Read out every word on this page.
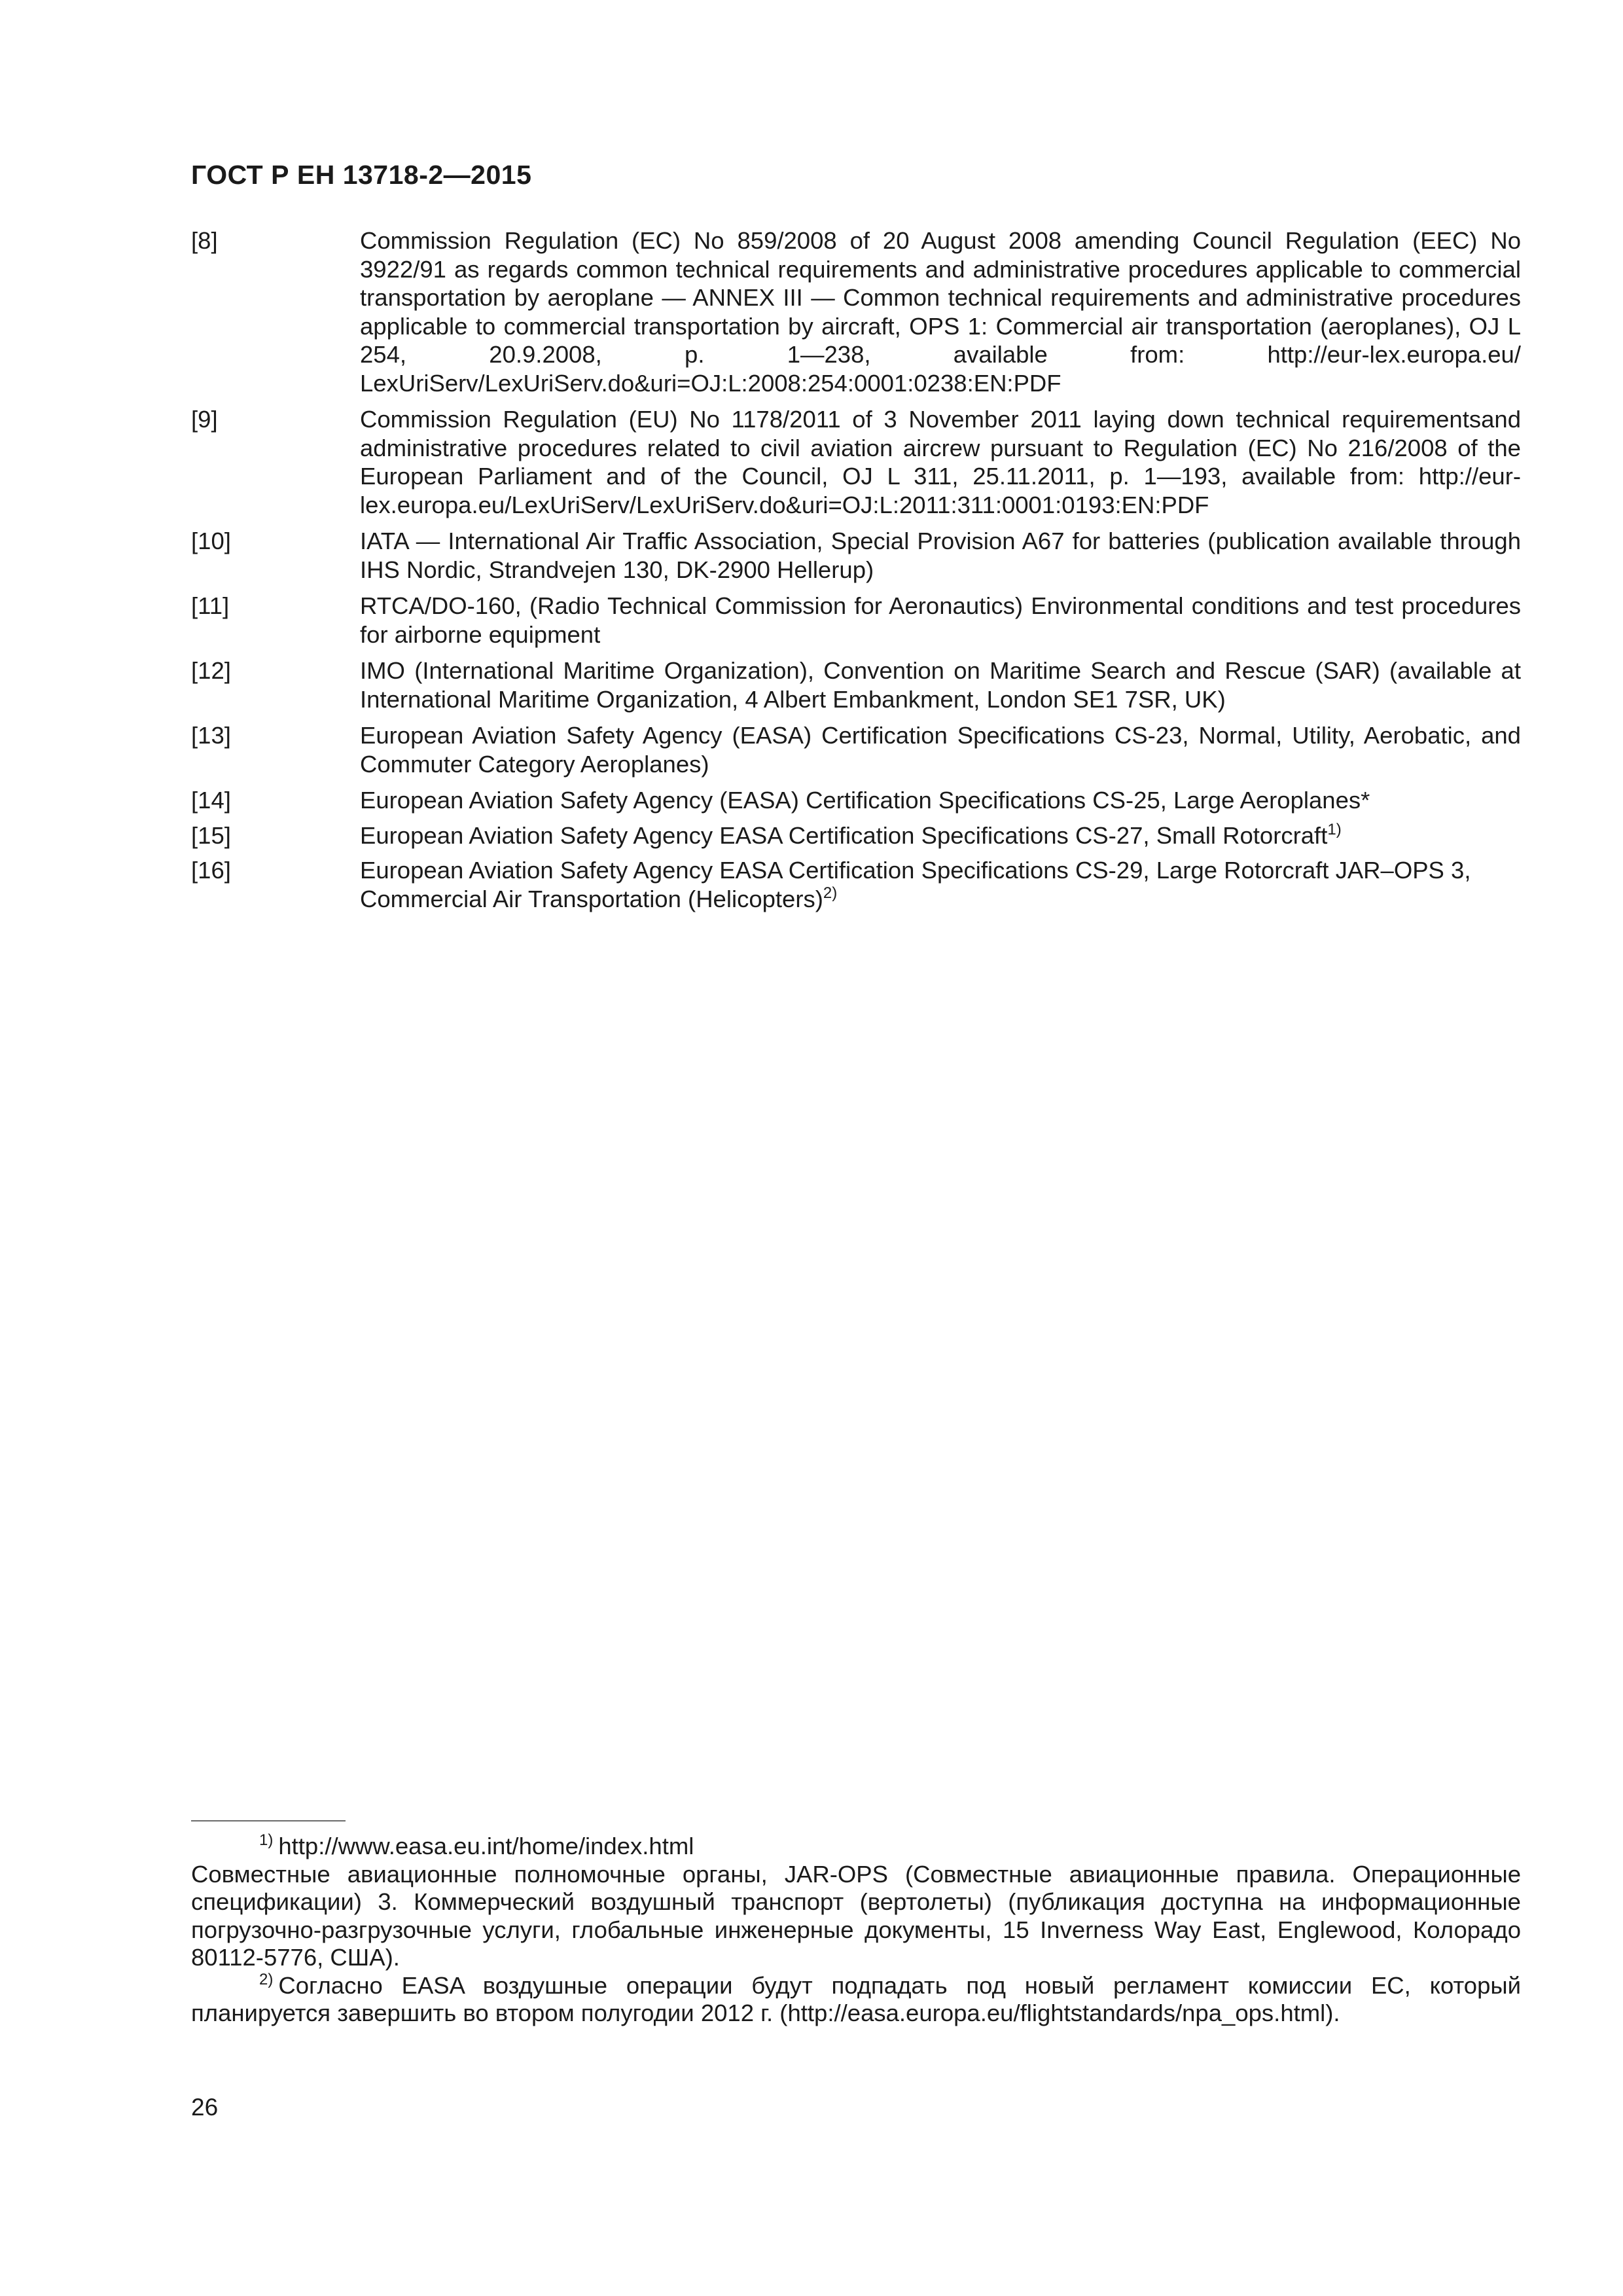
ГОСТ Р ЕН 13718-2—2015
[8]	Commission Regulation (EC) No 859/2008 of 20 August 2008 amending Council Regulation (EEC) No 3922/91 as regards common technical requirements and administrative procedures applicable to commercial transportation by aeroplane — ANNEX III — Common technical requirements and administrative procedures applicable to commercial transportation by aircraft, OPS 1: Commercial air transportation (aeroplanes), OJ L 254, 20.9.2008, p. 1—238, available from: http://eur-lex.europa.eu/ LexUriServ/LexUriServ.do&uri=OJ:L:2008:254:0001:0238:EN:PDF
[9]	Commission Regulation (EU) No 1178/2011 of 3 November 2011 laying down technical requirementsand administrative procedures related to civil aviation aircrew pursuant to Regulation (EC) No 216/2008 of the European Parliament and of the Council, OJ L 311, 25.11.2011, p. 1—193, available from: http://eur-lex.europa.eu/LexUriServ/LexUriServ.do&uri=OJ:L:2011:311:0001:0193:EN:PDF
[10]	IATA — International Air Traffic Association, Special Provision A67 for batteries (publication available through IHS Nordic, Strandvejen 130, DK-2900 Hellerup)
[11]	RTCA/DO-160, (Radio Technical Commission for Aeronautics) Environmental conditions and test procedures for airborne equipment
[12]	IMO (International Maritime Organization), Convention on Maritime Search and Rescue (SAR) (available at International Maritime Organization, 4 Albert Embankment, London SE1 7SR, UK)
[13]	European Aviation Safety Agency (EASA) Certification Specifications CS-23, Normal, Utility, Aerobatic, and Commuter Category Aeroplanes)
[14]	European Aviation Safety Agency (EASA) Certification Specifications CS-25, Large Aeroplanes*
[15]	European Aviation Safety Agency EASA Certification Specifications CS-27, Small Rotorcraft$^{1)}$
[16]	European Aviation Safety Agency EASA Certification Specifications CS-29, Large Rotorcraft JAR–OPS 3, Commercial Air Transportation (Helicopters)$^{2)}$
$^{1)}$ http://www.easa.eu.int/home/index.html
Совместные авиационные полномочные органы, JAR-OPS (Совместные авиационные правила. Операционные спецификации) 3. Коммерческий воздушный транспорт (вертолеты) (публикация доступна на информационные погрузочно-разгрузочные услуги, глобальные инженерные документы, 15 Inverness Way East, Englewood, Колорадо 80112-5776, США).
$^{2)}$ Согласно EASA воздушные операции будут подпадать под новый регламент комиссии ЕС, который планируется завершить во втором полугодии 2012 г. (http://easa.europa.eu/flightstandards/npa_ops.html).
26
